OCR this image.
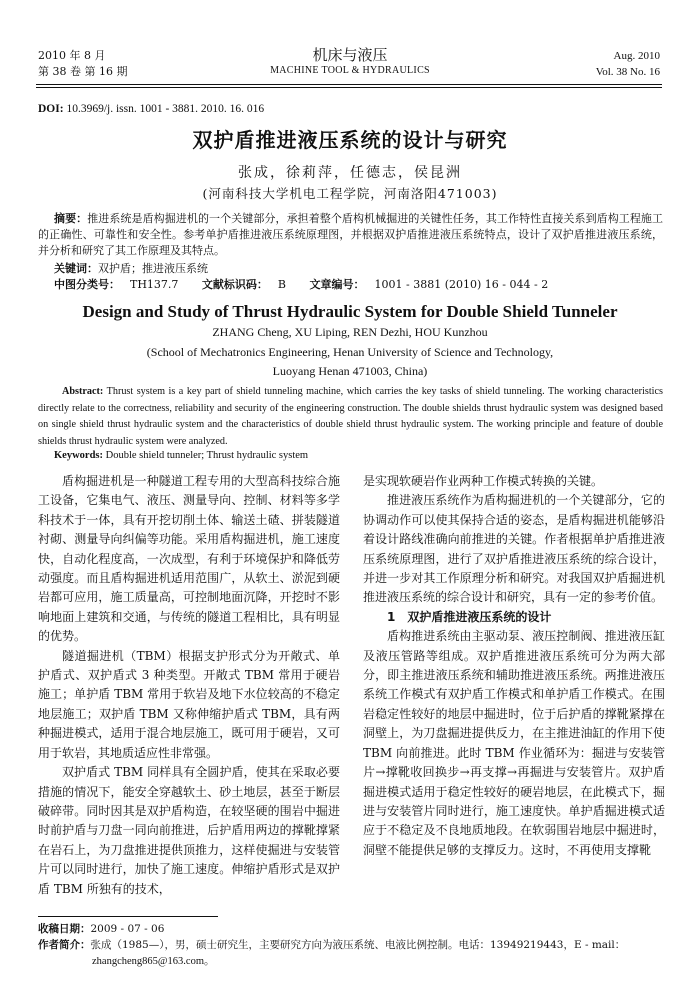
2010 年 8 月
第 38 卷 第 16 期
机床与液压
MACHINE TOOL & HYDRAULICS
Aug. 2010
Vol. 38 No. 16
DOI: 10.3969/j. issn. 1001 - 3881. 2010. 16. 016
双护盾推进液压系统的设计与研究
张成，徐莉萍，任德志，侯昆洲
(河南科技大学机电工程学院，河南洛阳471003)
摘要：推进系统是盾构掘进机的一个关键部分，承担着整个盾构机械掘进的关键性任务，其工作特性直接关系到盾构工程施工的正确性、可靠性和安全性。参考单护盾推进液压系统原理图，并根据双护盾推进液压系统特点，设计了双护盾推进液压系统，并分析和研究了其工作原理及其特点。
关键词：双护盾；推进液压系统
中图分类号： TH137.7 文献标识码： B 文章编号： 1001 - 3881 (2010) 16 - 044 - 2
Design and Study of Thrust Hydraulic System for Double Shield Tunneler
ZHANG Cheng, XU Liping, REN Dezhi, HOU Kunzhou
(School of Mechatronics Engineering, Henan University of Science and Technology,
Luoyang Henan 471003, China)
Abstract: Thrust system is a key part of shield tunneling machine, which carries the key tasks of shield tunneling. The working characteristics directly relate to the correctness, reliability and security of the engineering construction. The double shields thrust hydraulic system was designed based on single shield thrust hydraulic system and the characteristics of double shield thrust hydraulic system. The working principle and feature of double shields thrust hydraulic system were analyzed.
Keywords: Double shield tunneler; Thrust hydraulic system

盾构掘进机是一种隧道工程专用的大型高科技综合施工设备，它集电气、液压、测量导向、控制、材料等多学科技术于一体，具有开挖切削土体、输送土碴、拼装隧道衬砌、测量导向纠偏等功能。采用盾构掘进机，施工速度快，自动化程度高，一次成型，有利于环境保护和降低劳动强度。而且盾构掘进机适用范围广，从软土、淤泥到硬岩都可应用，施工质量高，可控制地面沉降，开挖时不影响地面上建筑和交通，与传统的隧道工程相比，具有明显的优势。

隧道掘进机（TBM）根据支护形式分为开敞式、单护盾式、双护盾式 3 种类型。开敞式 TBM 常用于硬岩施工；单护盾 TBM 常用于软岩及地下水位较高的不稳定地层施工；双护盾 TBM 又称伸缩护盾式 TBM，具有两种掘进模式，适用于混合地层施工，既可用于硬岩，又可用于软岩，其地质适应性非常强。

双护盾式 TBM 同样具有全圆护盾，使其在采取必要措施的情况下，能安全穿越软土、砂土地层，甚至于断层破碎带。同时因其是双护盾构造，在较坚硬的围岩中掘进时前护盾与刀盘一同向前推进，后护盾用两边的撑靴撑紧在岩石上，为刀盘推进提供顶推力，这样使掘进与安装管片可以同时进行，加快了施工速度。伸缩护盾形式是双护盾 TBM 所独有的技术，

是实现软硬岩作业两种工作模式转换的关键。

推进液压系统作为盾构掘进机的一个关键部分，它的协调动作可以使其保持合适的姿态，是盾构掘进机能够沿着设计路线准确向前推进的关键。作者根据单护盾推进液压系统原理图，进行了双护盾推进液压系统的综合设计，并进一步对其工作原理分析和研究。对我国双护盾掘进机推进液压系统的综合设计和研究，具有一定的参考价值。

1 双护盾推进液压系统的设计

盾构推进系统由主驱动泵、液压控制阀、推进液压缸及液压管路等组成。双护盾推进液压系统可分为两大部分，即主推进液压系统和辅助推进液压系统。两推进液压系统工作模式有双护盾工作模式和单护盾工作模式。在围岩稳定性较好的地层中掘进时，位于后护盾的撑靴紧撑在洞壁上，为刀盘掘进提供反力，在主推进油缸的作用下使 TBM 向前推进。此时 TBM 作业循环为：掘进与安装管片→撑靴收回换步→再支撑→再掘进与安装管片。双护盾掘进模式适用于稳定性较好的硬岩地层，在此模式下，掘进与安装管片同时进行，施工速度快。单护盾掘进模式适应于不稳定及不良地质地段。在软弱围岩地层中掘进时，洞壁不能提供足够的支撑反力。这时，不再使用支撑靴

收稿日期：2009 - 07 - 06
作者简介：张成（1985—），男，硕士研究生，主要研究方向为液压系统、电液比例控制。电话：13949219443，E - mail：
zhangcheng865@163.com。
